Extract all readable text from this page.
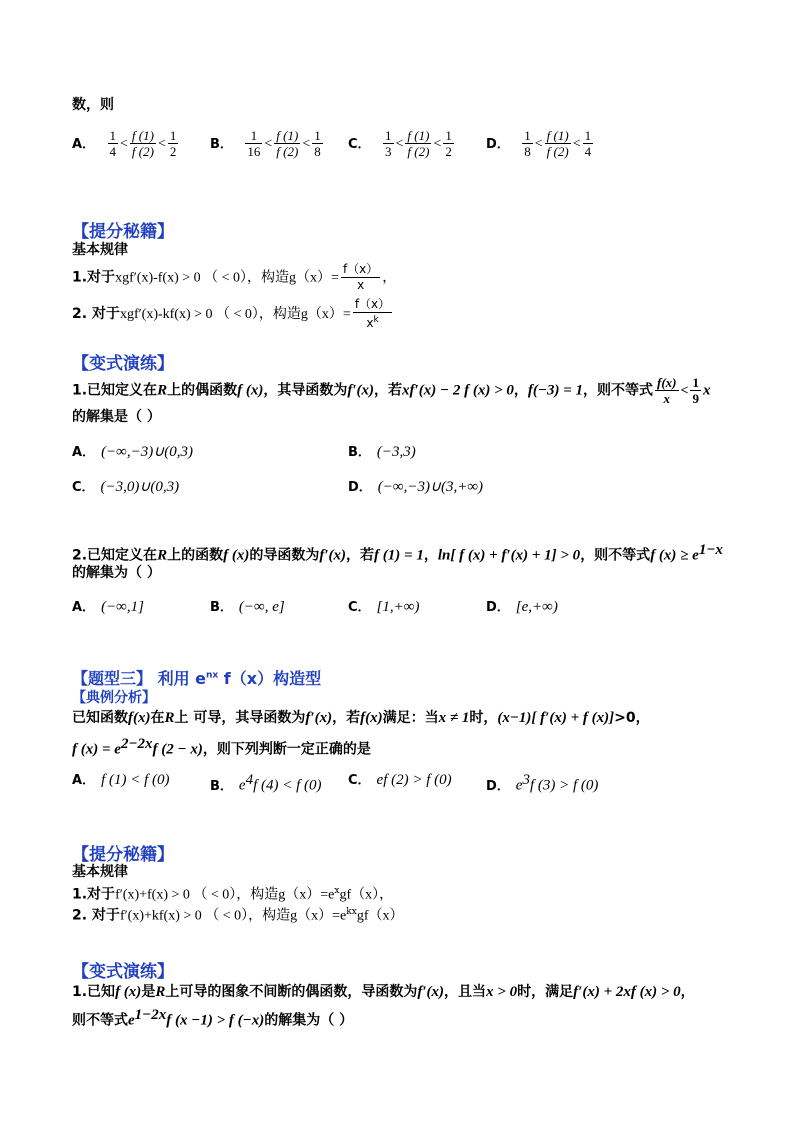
数，则
A． $\frac{1}{4} < \frac{f (1)}{f (2)} < \frac{1}{2}$ B． $\frac{1}{16} < \frac{f (1)}{f (2)} < \frac{1}{8}$ C． $\frac{1}{3} < \frac{f (1)}{f (2)} < \frac{1}{2}$ D． $\frac{1}{8} < \frac{f (1)}{f (2)} < \frac{1}{4}$
【提分秘籍】
基本规律
1.对于xgf′(x)-f(x) > 0 （ < 0），构造$g(x)= \frac{f(x)}{x}$ ，
2. 对于xgf′(x)-kf(x) > 0 （ < 0），构造$g(x)= \frac{f(x)}{x^k}$
【变式演练】
1.已知定义在R上的偶函数f (x)，其导函数为f′(x)，若xf′(x) − 2 f (x) > 0，f(−3) = 1，则不等式 $\frac{f(x)}{x} < \frac{1}{9}$ x
的解集是（ ）
A． (−∞,−3)∪(0,3)	B． (−3,3)
C． (−3,0)∪(0,3)	D． (−∞,−3)∪(3,+∞)
2.已知定义在R上的函数f (x)的导函数为f′(x)，若f (1) = 1，ln[ f (x) + f′(x) + 1] > 0，则不等式f $(x) \ge e^{1-x}$
的解集为（ ）
A． (−∞,1]	B． (−∞, e]	C． [1,+∞)	D． [e,+∞)
【题型三】 利用 $e^{nx}$ f（x）构造型
【典例分析】
已知函数f(x)在R上 可导，其导函数为f′(x)，若f(x)满足：当x ≠ 1时，(x−1)[ f′(x) + f (x)]>0，
f $(x) = e^{2-2x}f$ (2 − x)，则下列判断一定正确的是
A． f (1) < f (0)	B． $e^4f$ (4) < f (0) C． ef (2) > f (0)	D． $e^3f$ (3) > f (0)
【提分秘籍】
基本规律
1.对于f′(x)+f(x) > 0 （ < 0），构造$g(x)=e^xgf(x)$，
2. 对于f′(x)+kf(x) > 0 （ < 0），构造$g(x)=e^{kx}gf(x)$
【变式演练】
1.已知f (x)是R上可导的图象不间断的偶函数，导函数为f′(x)，且当x > 0时，满足f′(x) + 2xf (x) > 0，
则不等式$e^{1-2x}f$ (x −1) > f (−x)的解集为（ ）
